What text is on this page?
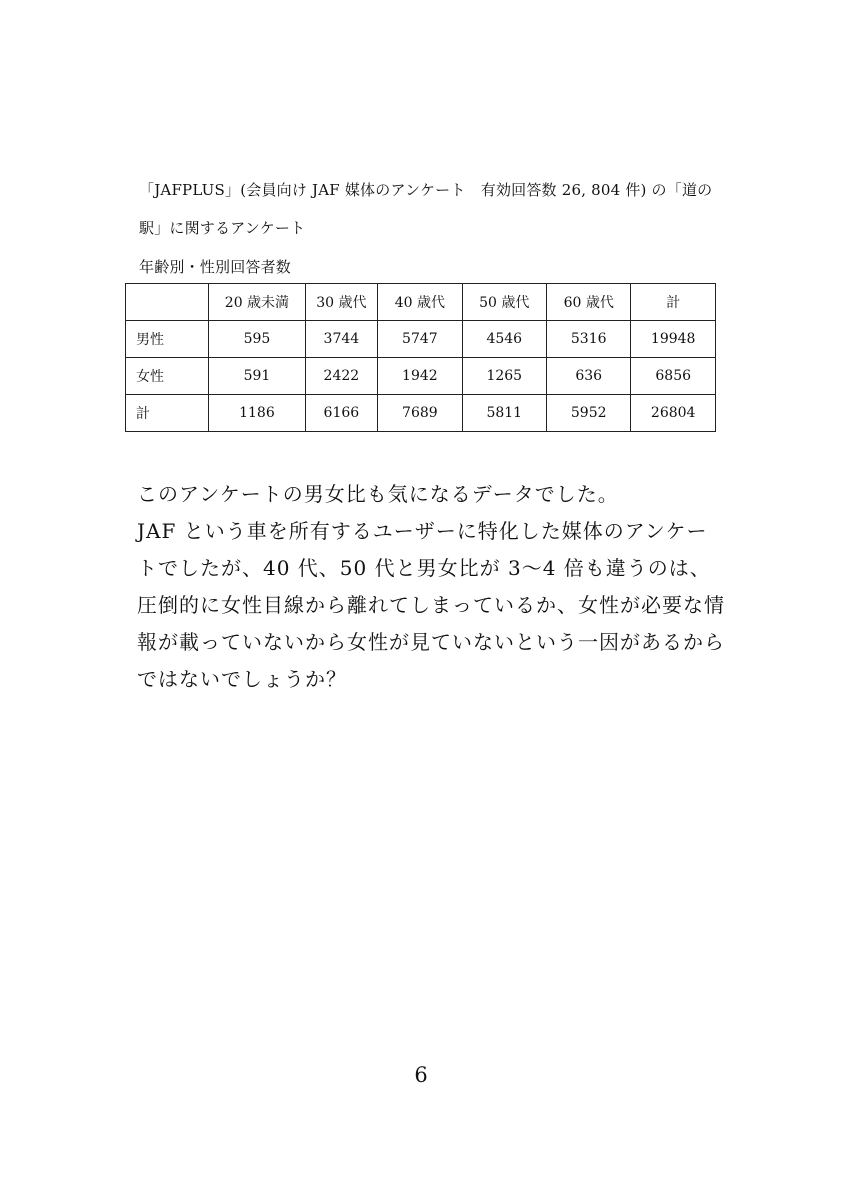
「JAFPLUS」(会員向け JAF 媒体のアンケート　有効回答数 26, 804 件) の「道の
駅」に関するアンケート
年齢別・性別回答者数
	20 歳未満	30 歳代	40 歳代	50 歳代	60 歳代	計
男性	595	3744	5747	4546	5316	19948
女性	591	2422	1942	1265	636	6856
計	1186	6166	7689	5811	5952	26804

このアンケートの男女比も気になるデータでした。

JAF という車を所有するユーザーに特化した媒体のアンケートでしたが、40 代、50 代と男女比が 3～4 倍も違うのは、圧倒的に女性目線から離れてしまっているか、女性が必要な情報が載っていないから女性が見ていないという一因があるからではないでしょうか？

6
